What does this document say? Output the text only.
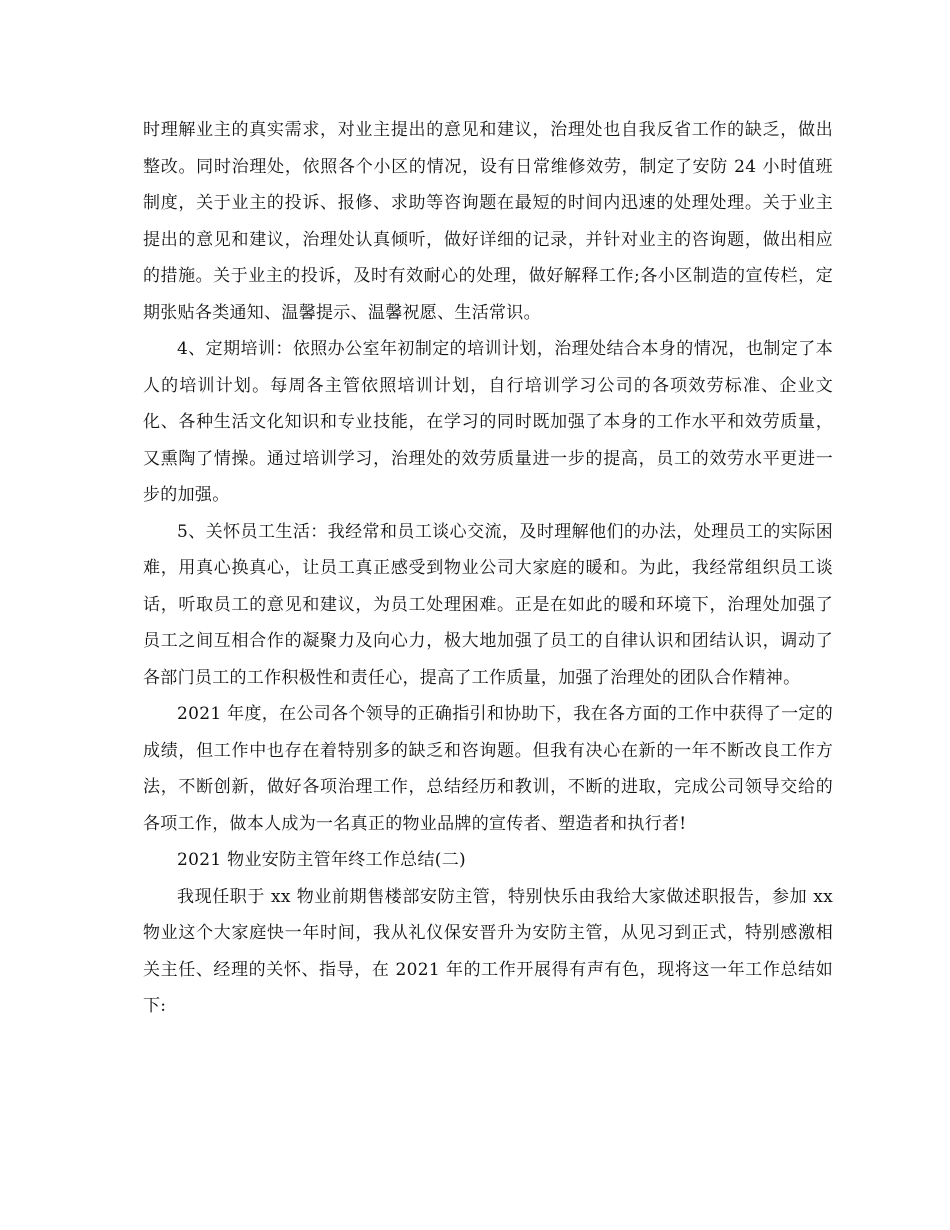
时理解业主的真实需求，对业主提出的意见和建议，治理处也自我反省工作的缺乏，做出整改。同时治理处，依照各个小区的情况，设有日常维修效劳，制定了安防 24 小时值班制度，关于业主的投诉、报修、求助等咨询题在最短的时间内迅速的处理处理。关于业主提出的意见和建议，治理处认真倾听，做好详细的记录，并针对业主的咨询题，做出相应的措施。关于业主的投诉，及时有效耐心的处理，做好解释工作;各小区制造的宣传栏，定期张贴各类通知、温馨提示、温馨祝愿、生活常识。

4、定期培训：依照办公室年初制定的培训计划，治理处结合本身的情况，也制定了本人的培训计划。每周各主管依照培训计划，自行培训学习公司的各项效劳标准、企业文化、各种生活文化知识和专业技能，在学习的同时既加强了本身的工作水平和效劳质量，又熏陶了情操。通过培训学习，治理处的效劳质量进一步的提高，员工的效劳水平更进一步的加强。

5、关怀员工生活：我经常和员工谈心交流，及时理解他们的办法，处理员工的实际困难，用真心换真心，让员工真正感受到物业公司大家庭的暖和。为此，我经常组织员工谈话，听取员工的意见和建议，为员工处理困难。正是在如此的暖和环境下，治理处加强了员工之间互相合作的凝聚力及向心力，极大地加强了员工的自律认识和团结认识，调动了各部门员工的工作积极性和责任心，提高了工作质量，加强了治理处的团队合作精神。

2021 年度，在公司各个领导的正确指引和协助下，我在各方面的工作中获得了一定的成绩，但工作中也存在着特别多的缺乏和咨询题。但我有决心在新的一年不断改良工作方法，不断创新，做好各项治理工作，总结经历和教训，不断的进取，完成公司领导交给的各项工作，做本人成为一名真正的物业品牌的宣传者、塑造者和执行者!

2021 物业安防主管年终工作总结(二)

我现任职于 xx 物业前期售楼部安防主管，特别快乐由我给大家做述职报告，参加 xx 物业这个大家庭快一年时间，我从礼仪保安晋升为安防主管，从见习到正式，特别感激相关主任、经理的关怀、指导，在 2021 年的工作开展得有声有色，现将这一年工作总结如下:
